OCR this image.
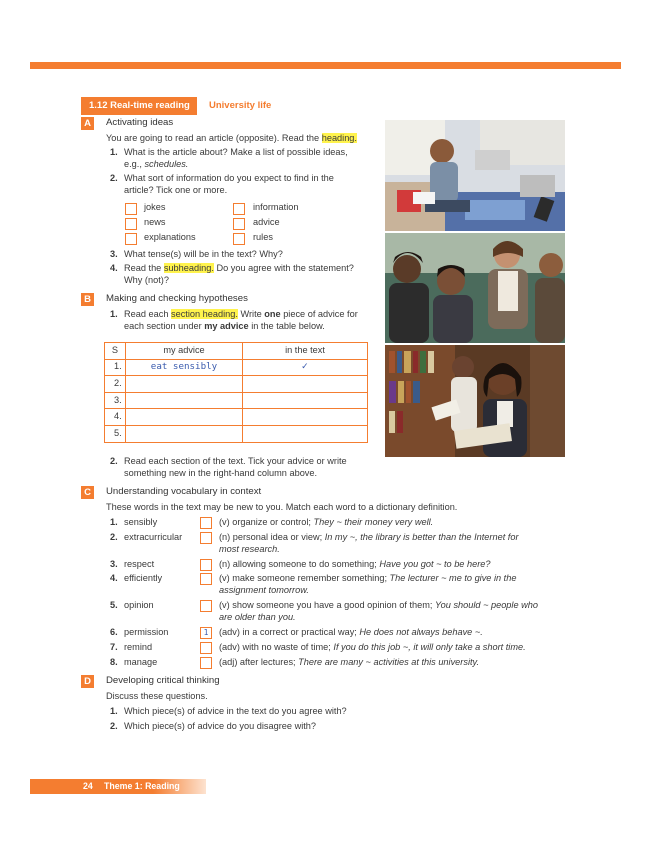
1.12 Real-time reading	University life
A	Activating ideas
You are going to read an article (opposite). Read the heading.
1. What is the article about? Make a list of possible ideas,
e.g., schedules.
2. What sort of information do you expect to find in the
article? Tick one or more.
jokes	information
news	advice
explanations	rules
3. What tense(s) will be in the text? Why?
4. Read the subheading. Do you agree with the statement?
Why (not)?
B	Making and checking hypotheses
1. Read each section heading. Write one piece of advice for
each section under my advice in the table below.
S	my advice	in the text
1.	eat sensibly	✓
2.		
3.		
4.		
5.		
2. Read each section of the text. Tick your advice or write
something new in the right-hand column above.
C	Understanding vocabulary in context
These words in the text may be new to you. Match each word to a dictionary definition.
1. sensibly	(v) organize or control; They ~ their money very well.
2. extracurricular	(n) personal idea or view; In my ~, the library is better than the Internet for
most research.
3. respect	(n) allowing someone to do something; Have you got ~ to be here?
4. efficiently	(v) make someone remember something; The lecturer ~ me to give in the
assignment tomorrow.
5. opinion	(v) show someone you have a good opinion of them; You should ~ people who
are older than you.
6. permission	1	(adv) in a correct or practical way; He does not always behave ~.
7. remind	(adv) with no waste of time; If you do this job ~, it will only take a short time.
8. manage	(adj) after lectures; There are many ~ activities at this university.
D	Developing critical thinking
Discuss these questions.
1. Which piece(s) of advice in the text do you agree with?
2. Which piece(s) of advice do you disagree with?
24 Theme 1: Reading
